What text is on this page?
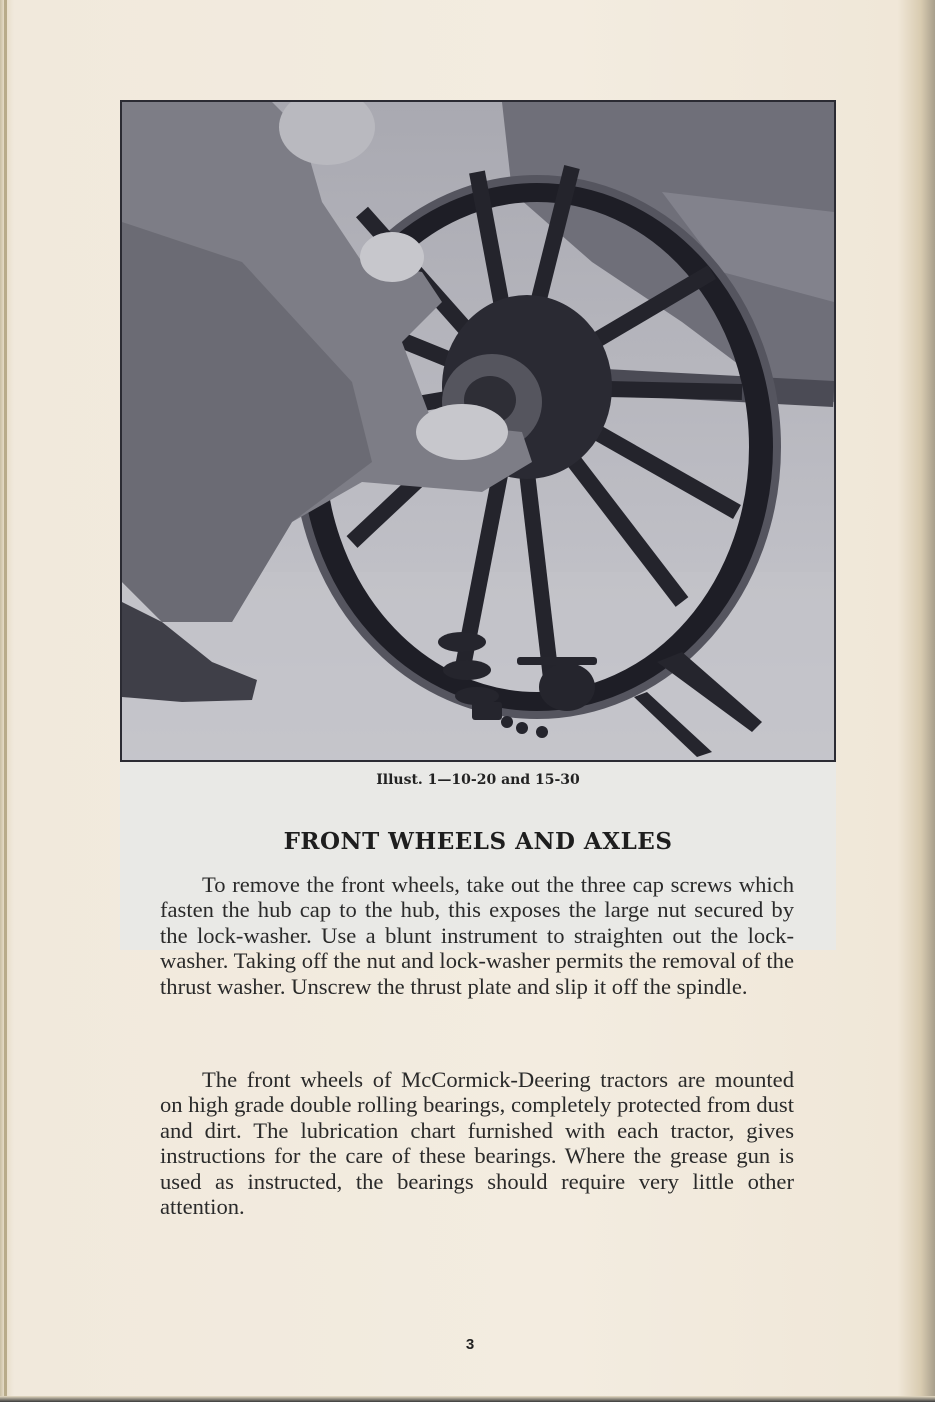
Illust. 1—10-20 and 15-30
FRONT WHEELS AND AXLES

To remove the front wheels, take out the three cap screws which fasten the hub cap to the hub, this exposes the large nut secured by the lock-washer. Use a blunt instrument to straighten out the lock-washer. Taking off the nut and lock-washer permits the removal of the thrust washer. Unscrew the thrust plate and slip it off the spindle.

The front wheels of McCormick-Deering tractors are mounted on high grade double rolling bearings, completely protected from dust and dirt. The lubrication chart furnished with each tractor, gives instructions for the care of these bearings. Where the grease gun is used as instructed, the bearings should require very little other attention.

3
